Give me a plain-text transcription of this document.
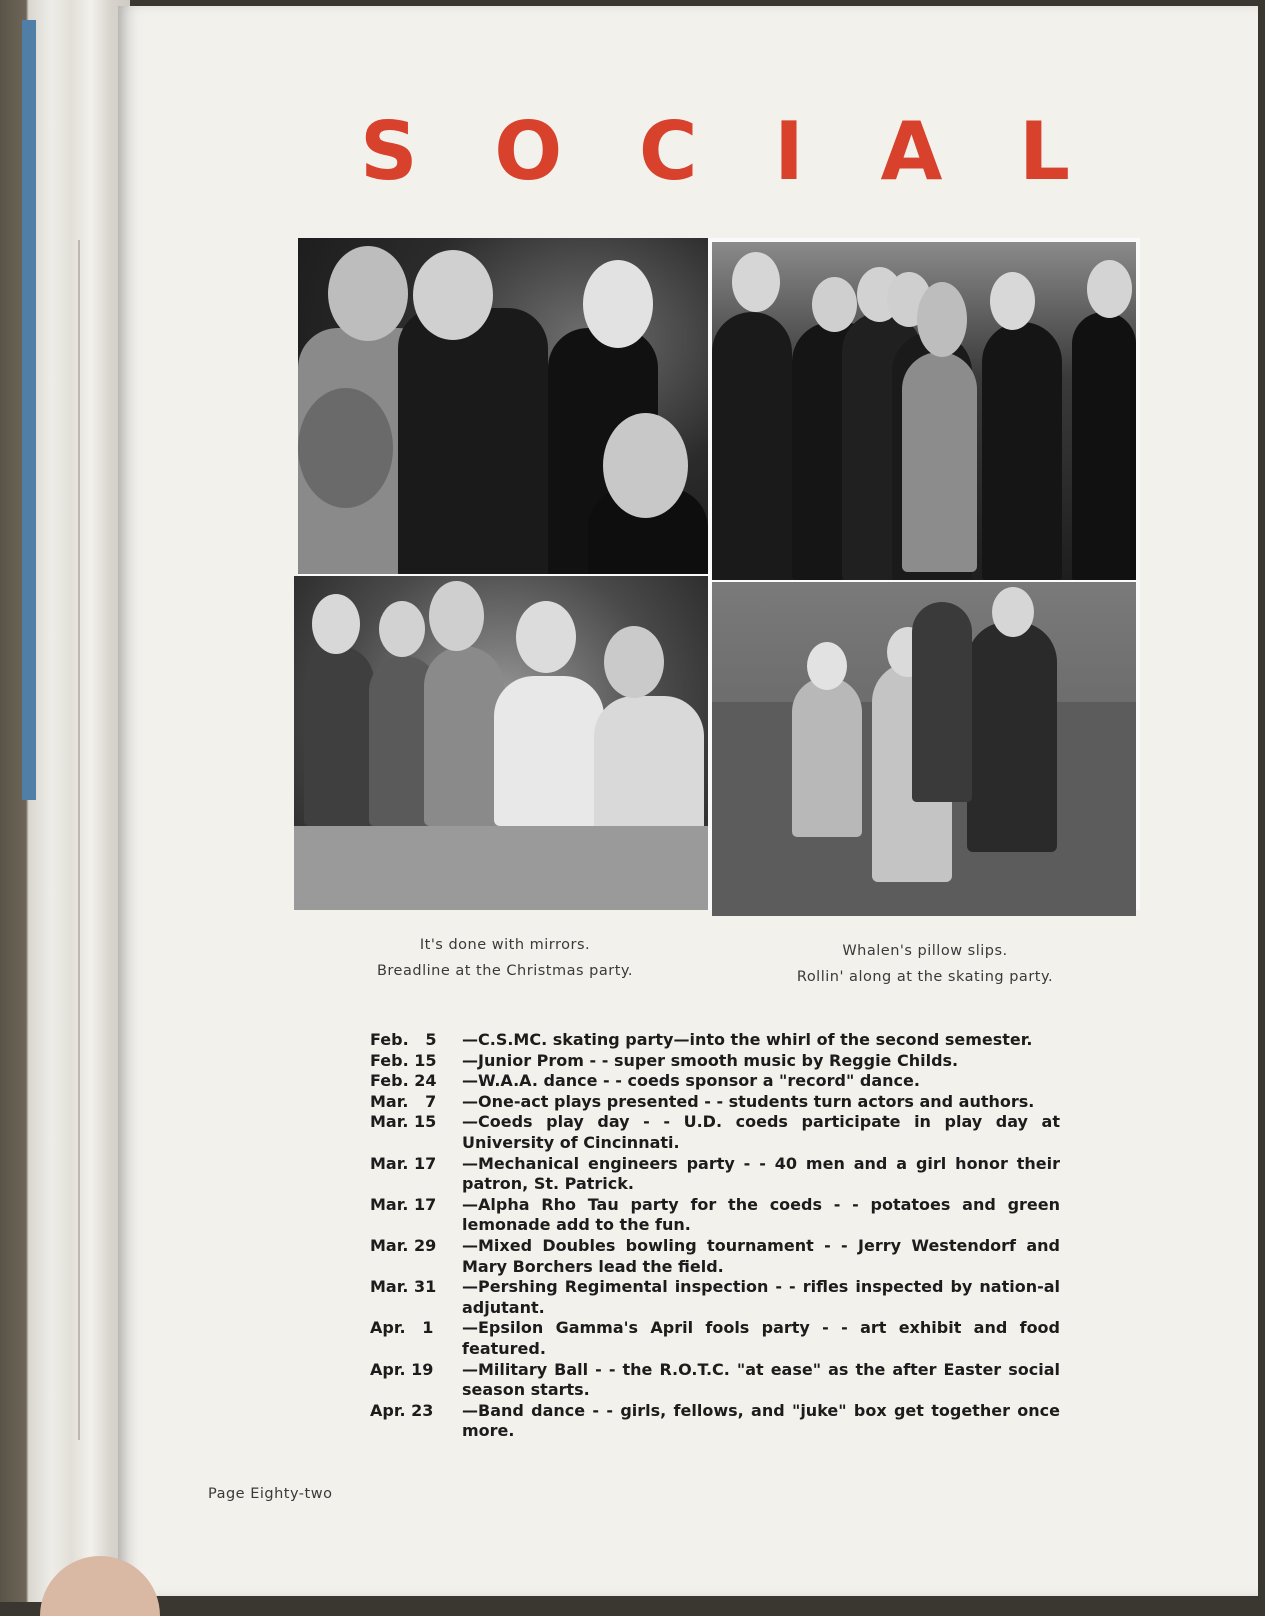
S O C I A L
It's done with mirrors.
Breadline at the Christmas party.
Whalen's pillow slips.
Rollin' along at the skating party.
Feb.   5	—C.S.MC. skating party—into the whirl of the second semester.
Feb. 15	—Junior Prom - - super smooth music by Reggie Childs.
Feb. 24	—W.A.A. dance - - coeds sponsor a "record" dance.
Mar.   7	—One-act plays presented - - students turn actors and authors.
Mar. 15	—Coeds play day - - U.D. coeds participate in play day at University of Cincinnati.
Mar. 17	—Mechanical engineers party - - 40 men and a girl honor their patron, St. Patrick.
Mar. 17	—Alpha Rho Tau party for the coeds - - potatoes and green lemonade add to the fun.
Mar. 29	—Mixed Doubles bowling tournament - - Jerry Westendorf and Mary Borchers lead the field.
Mar. 31	—Pershing Regimental inspection - - rifles inspected by nation-al adjutant.
Apr.   1	—Epsilon Gamma's April fools party - - art exhibit and food featured.
Apr. 19	—Military Ball - - the R.O.T.C. "at ease" as the after Easter social season starts.
Apr. 23	—Band dance - - girls, fellows, and "juke" box get together once more.
Page Eighty-two
